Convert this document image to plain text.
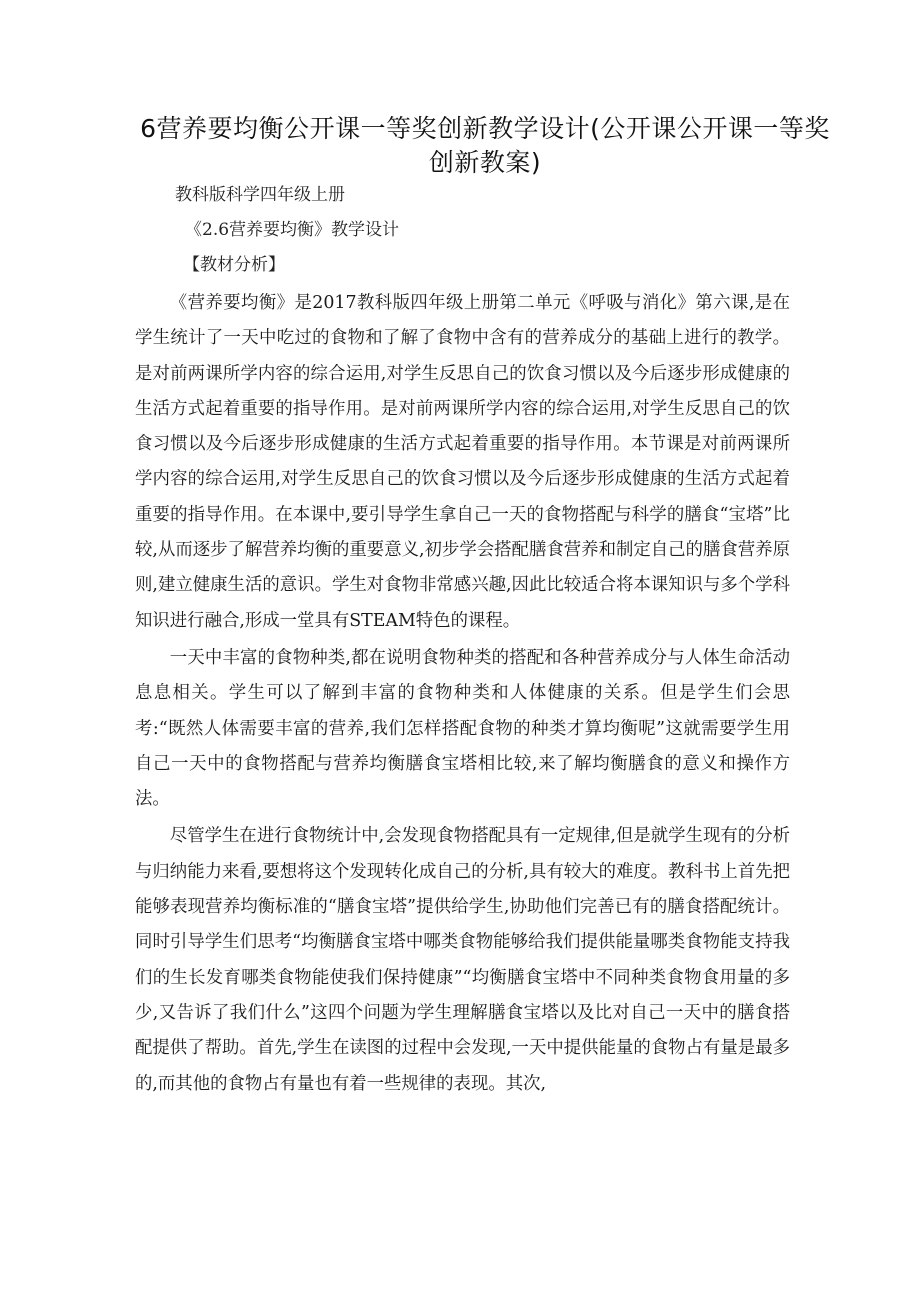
6营养要均衡公开课一等奖创新教学设计(公开课公开课一等奖创新教案)
教科版科学四年级上册
《2.6营养要均衡》教学设计
【教材分析】

《营养要均衡》是2017教科版四年级上册第二单元《呼吸与消化》第六课,是在学生统计了一天中吃过的食物和了解了食物中含有的营养成分的基础上进行的教学。是对前两课所学内容的综合运用,对学生反思自己的饮食习惯以及今后逐步形成健康的生活方式起着重要的指导作用。是对前两课所学内容的综合运用,对学生反思自己的饮食习惯以及今后逐步形成健康的生活方式起着重要的指导作用。本节课是对前两课所学内容的综合运用,对学生反思自己的饮食习惯以及今后逐步形成健康的生活方式起着重要的指导作用。在本课中,要引导学生拿自己一天的食物搭配与科学的膳食“宝塔”比较,从而逐步了解营养均衡的重要意义,初步学会搭配膳食营养和制定自己的膳食营养原则,建立健康生活的意识。学生对食物非常感兴趣,因此比较适合将本课知识与多个学科知识进行融合,形成一堂具有STEAM特色的课程。

一天中丰富的食物种类,都在说明食物种类的搭配和各种营养成分与人体生命活动息息相关。学生可以了解到丰富的食物种类和人体健康的关系。但是学生们会思考:“既然人体需要丰富的营养,我们怎样搭配食物的种类才算均衡呢”这就需要学生用自己一天中的食物搭配与营养均衡膳食宝塔相比较,来了解均衡膳食的意义和操作方法。

尽管学生在进行食物统计中,会发现食物搭配具有一定规律,但是就学生现有的分析与归纳能力来看,要想将这个发现转化成自己的分析,具有较大的难度。教科书上首先把能够表现营养均衡标准的“膳食宝塔”提供给学生,协助他们完善已有的膳食搭配统计。同时引导学生们思考“均衡膳食宝塔中哪类食物能够给我们提供能量哪类食物能支持我们的生长发育哪类食物能使我们保持健康”“均衡膳食宝塔中不同种类食物食用量的多少,又告诉了我们什么”这四个问题为学生理解膳食宝塔以及比对自己一天中的膳食搭配提供了帮助。首先,学生在读图的过程中会发现,一天中提供能量的食物占有量是最多的,而其他的食物占有量也有着一些规律的表现。其次,
